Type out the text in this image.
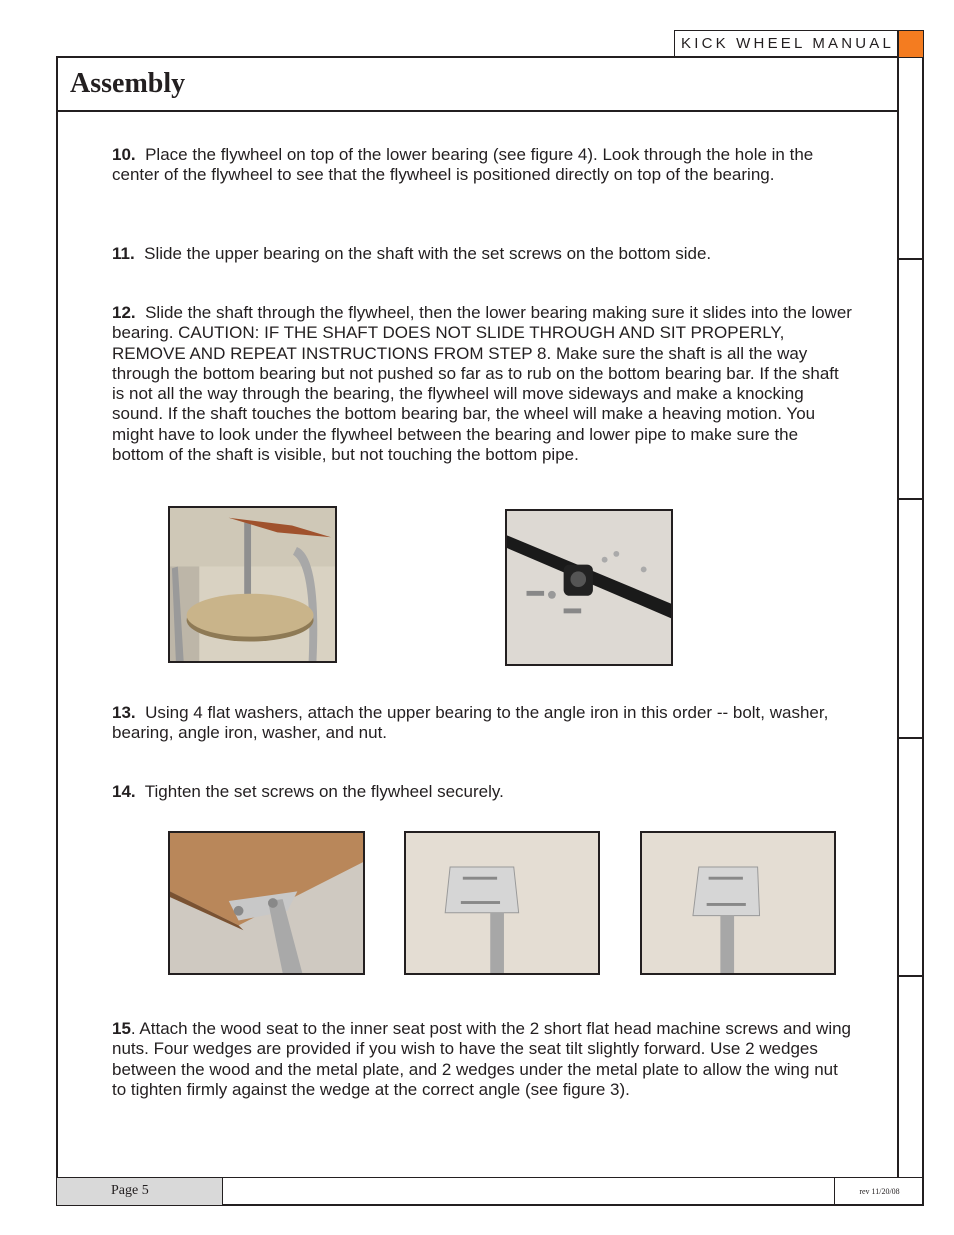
KICK WHEEL MANUAL
Assembly
10. Place the flywheel on top of the lower bearing (see figure 4). Look through the hole in the center of the flywheel to see that the flywheel is positioned directly on top of the bearing.
11. Slide the upper bearing on the shaft with the set screws on the bottom side.
12. Slide the shaft through the flywheel, then the lower bearing making sure it slides into the lower bearing. CAUTION: IF THE SHAFT DOES NOT SLIDE THROUGH AND SIT PROPERLY, REMOVE AND REPEAT INSTRUCTIONS FROM STEP 8. Make sure the shaft is all the way through the bottom bearing but not pushed so far as to rub on the bottom bearing bar. If the shaft is not all the way through the bearing, the flywheel will move sideways and make a knocking sound. If the shaft touches the bottom bearing bar, the wheel will make a heaving motion. You might have to look under the flywheel between the bearing and lower pipe to make sure the bottom of the shaft is visible, but not touching the bottom pipe.
13. Using 4 flat washers, attach the upper bearing to the angle iron in this order -- bolt, washer, bearing, angle iron, washer, and nut.
14. Tighten the set screws on the flywheel securely.
15. Attach the wood seat to the inner seat post with the 2 short flat head machine screws and wing nuts. Four wedges are provided if you wish to have the seat tilt slightly forward. Use 2 wedges between the wood and the metal plate, and 2 wedges under the metal plate to allow the wing nut to tighten firmly against the wedge at the correct angle (see figure 3).
Page 5	rev 11/20/08
